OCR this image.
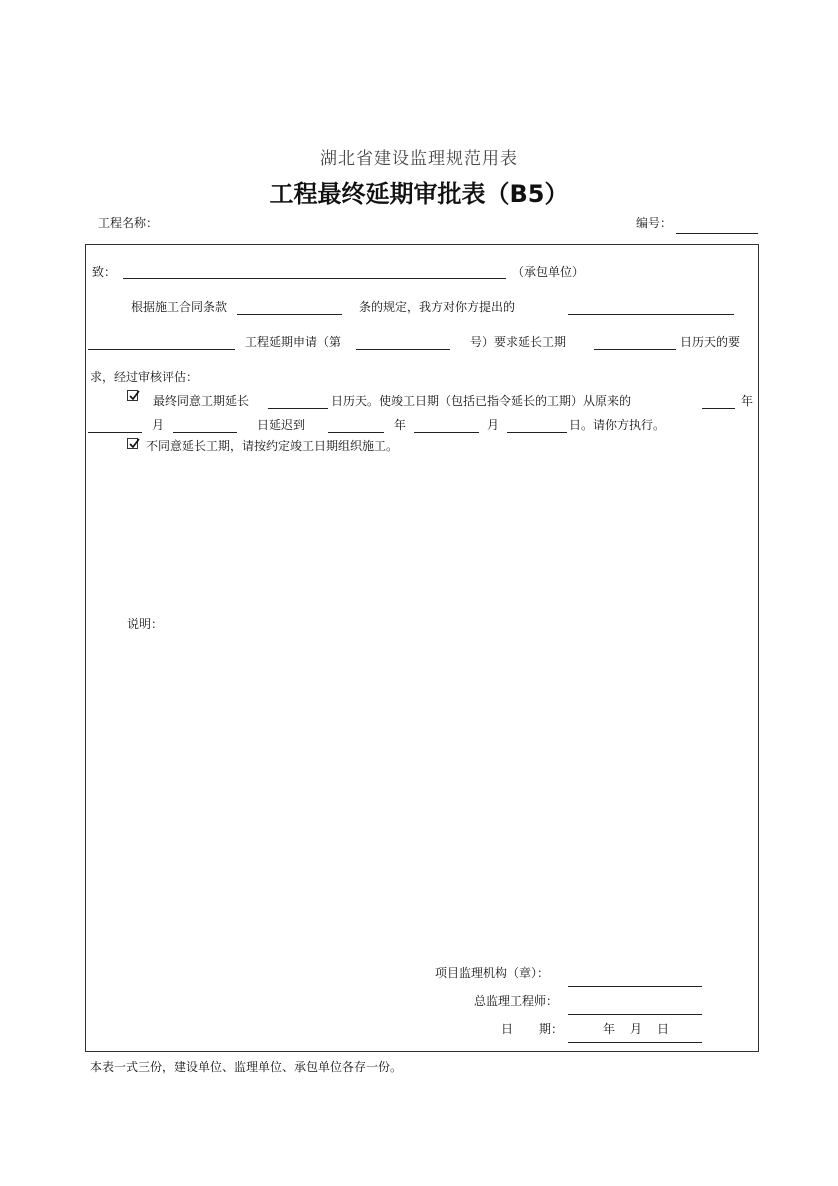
湖北省建设监理规范用表
工程最终延期审批表（B5）
工程名称：	编号：
致：	（承包单位）
根据施工合同条款	条的规定，我方对你方提出的
工程延期申请（第	号）要求延长工期	日历天的要
求，经过审核评估：
最终同意工期延长	日历天。使竣工日期（包括已指令延长的工期）从原来的	年
月	日延迟到	年	月	日。请你方执行。
不同意延长工期，请按约定竣工日期组织施工。
说明：
项目监理机构（章）：
总监理工程师：
日 期：	年 月 日
本表一式三份，建设单位、监理单位、承包单位各存一份。
